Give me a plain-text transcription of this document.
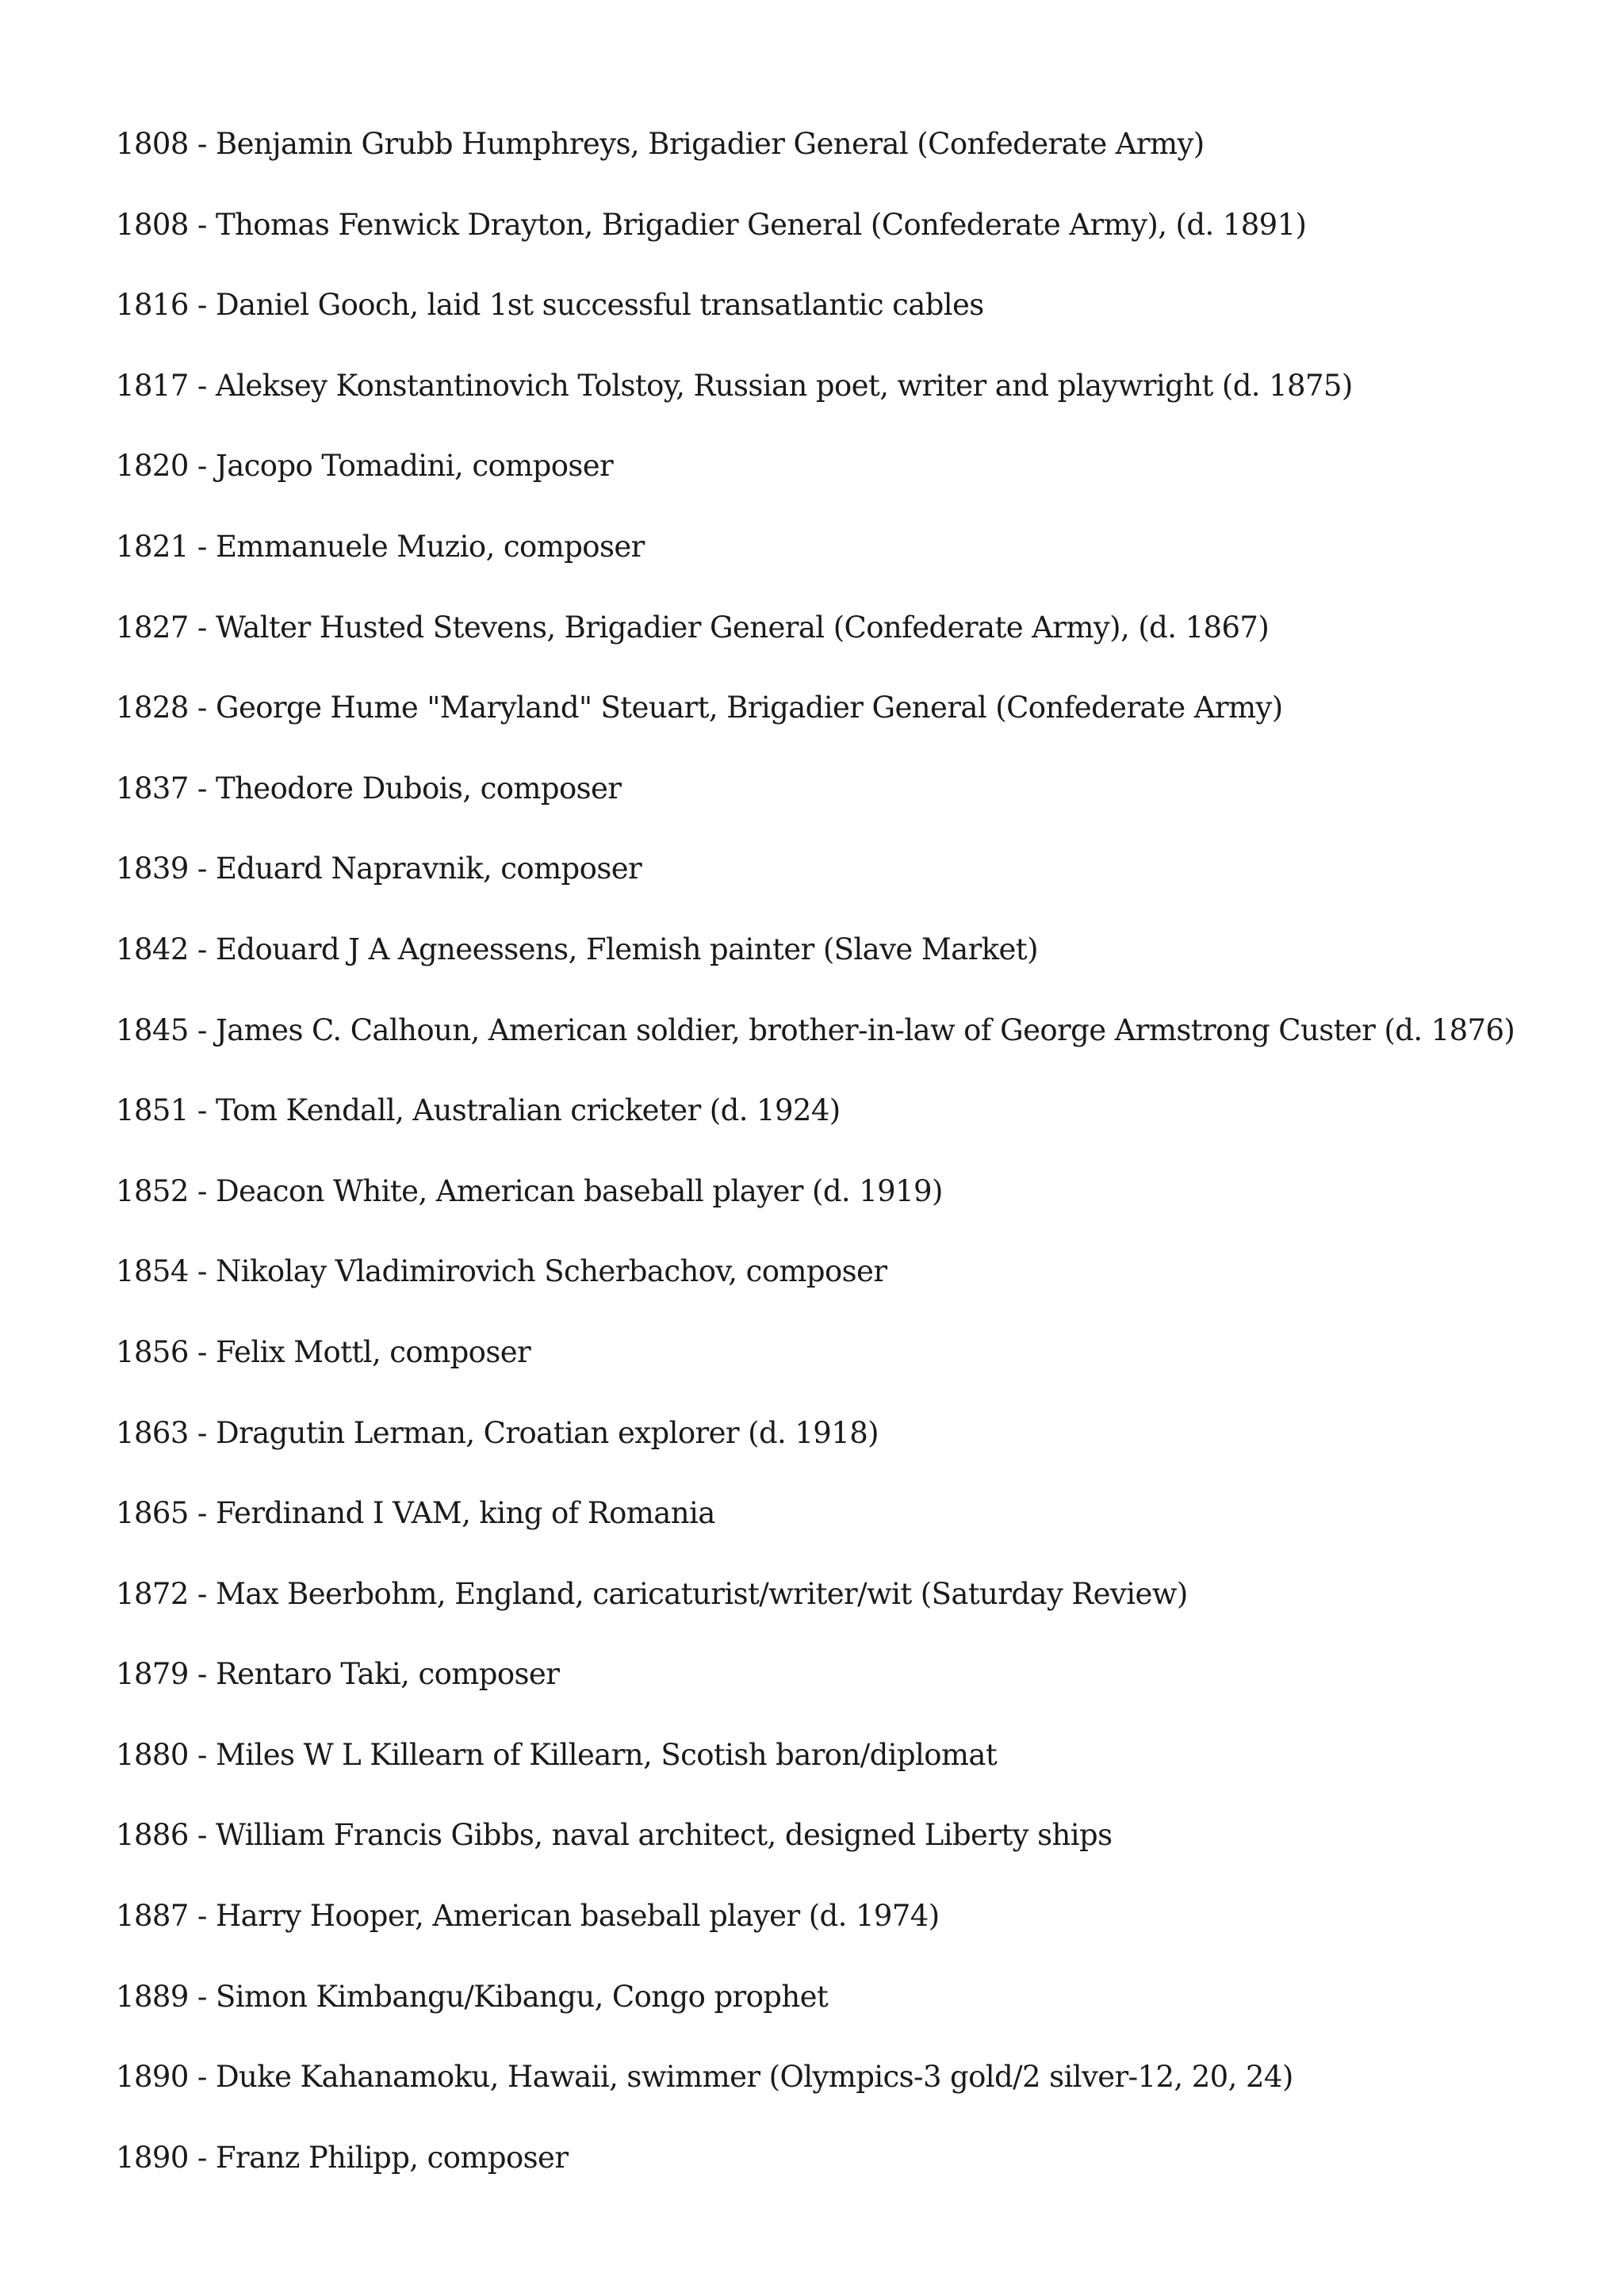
1808 - Benjamin Grubb Humphreys, Brigadier General (Confederate Army)
1808 - Thomas Fenwick Drayton, Brigadier General (Confederate Army), (d. 1891)
1816 - Daniel Gooch, laid 1st successful transatlantic cables
1817 - Aleksey Konstantinovich Tolstoy, Russian poet, writer and playwright (d. 1875)
1820 - Jacopo Tomadini, composer
1821 - Emmanuele Muzio, composer
1827 - Walter Husted Stevens, Brigadier General (Confederate Army), (d. 1867)
1828 - George Hume "Maryland" Steuart, Brigadier General (Confederate Army)
1837 - Theodore Dubois, composer
1839 - Eduard Napravnik, composer
1842 - Edouard J A Agneessens, Flemish painter (Slave Market)
1845 - James C. Calhoun, American soldier, brother-in-law of George Armstrong Custer (d. 1876)
1851 - Tom Kendall, Australian cricketer (d. 1924)
1852 - Deacon White, American baseball player (d. 1919)
1854 - Nikolay Vladimirovich Scherbachov, composer
1856 - Felix Mottl, composer
1863 - Dragutin Lerman, Croatian explorer (d. 1918)
1865 - Ferdinand I VAM, king of Romania
1872 - Max Beerbohm, England, caricaturist/writer/wit (Saturday Review)
1879 - Rentaro Taki, composer
1880 - Miles W L Killearn of Killearn, Scotish baron/diplomat
1886 - William Francis Gibbs, naval architect, designed Liberty ships
1887 - Harry Hooper, American baseball player (d. 1974)
1889 - Simon Kimbangu/Kibangu, Congo prophet
1890 - Duke Kahanamoku, Hawaii, swimmer (Olympics-3 gold/2 silver-12, 20, 24)
1890 - Franz Philipp, composer
